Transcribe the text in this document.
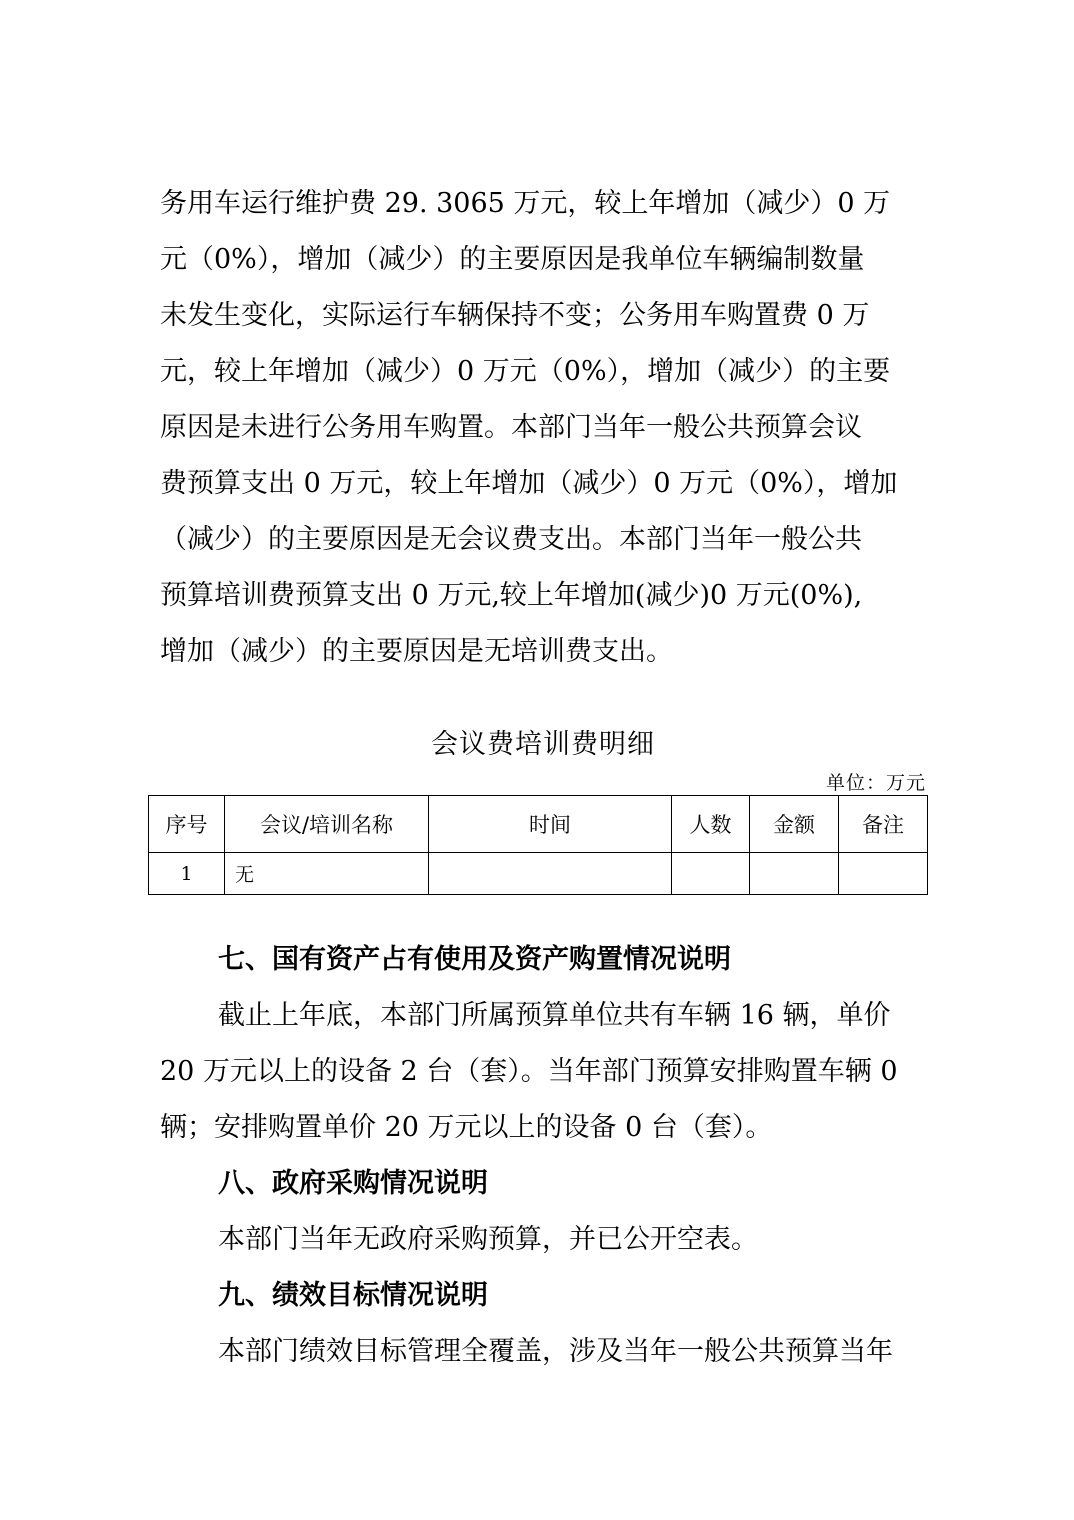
务用车运行维护费 29. 3065 万元，较上年增加（减少）0 万
元（0%），增加（减少）的主要原因是我单位车辆编制数量
未发生变化，实际运行车辆保持不变；公务用车购置费 0 万
元，较上年增加（减少）0 万元（0%），增加（减少）的主要
原因是未进行公务用车购置。本部门当年一般公共预算会议
费预算支出 0 万元，较上年增加（减少）0 万元（0%），增加
（减少）的主要原因是无会议费支出。本部门当年一般公共
预算培训费预算支出 0 万元,较上年增加(减少)0 万元(0%),
增加（减少）的主要原因是无培训费支出。
会议费培训费明细
单位：万元
序号	会议/培训名称	时间	人数	金额	备注
1	无				
七、国有资产占有使用及资产购置情况说明
截止上年底，本部门所属预算单位共有车辆 16 辆，单价
20 万元以上的设备 2 台（套）。当年部门预算安排购置车辆 0
辆；安排购置单价 20 万元以上的设备 0 台（套）。
八、政府采购情况说明
本部门当年无政府采购预算，并已公开空表。
九、绩效目标情况说明
本部门绩效目标管理全覆盖，涉及当年一般公共预算当年
